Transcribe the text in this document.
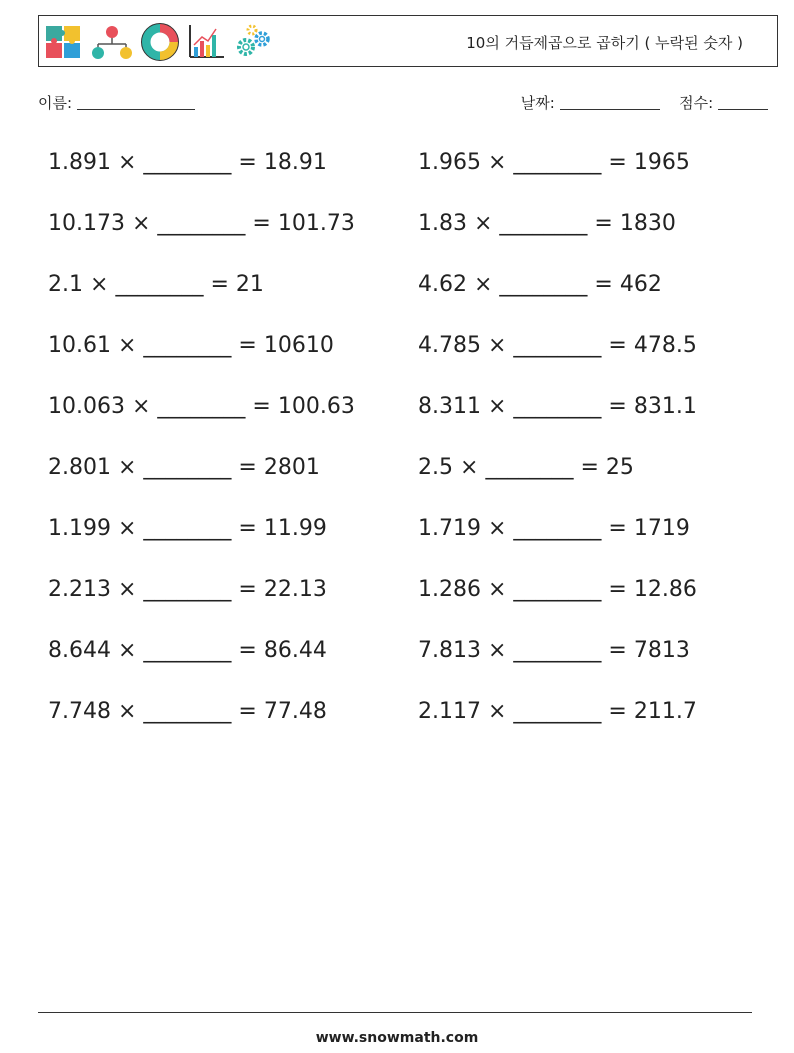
10의 거듭제곱으로 곱하기 ( 누락된 숫자 )
이름:	날짜:	점수:
1.891 × ________ = 18.91
10.173 × ________ = 101.73
2.1 × ________ = 21
10.61 × ________ = 10610
10.063 × ________ = 100.63
2.801 × ________ = 2801
1.199 × ________ = 11.99
2.213 × ________ = 22.13
8.644 × ________ = 86.44
7.748 × ________ = 77.48
1.965 × ________ = 1965
1.83 × ________ = 1830
4.62 × ________ = 462
4.785 × ________ = 478.5
8.311 × ________ = 831.1
2.5 × ________ = 25
1.719 × ________ = 1719
1.286 × ________ = 12.86
7.813 × ________ = 7813
2.117 × ________ = 211.7
www.snowmath.com
